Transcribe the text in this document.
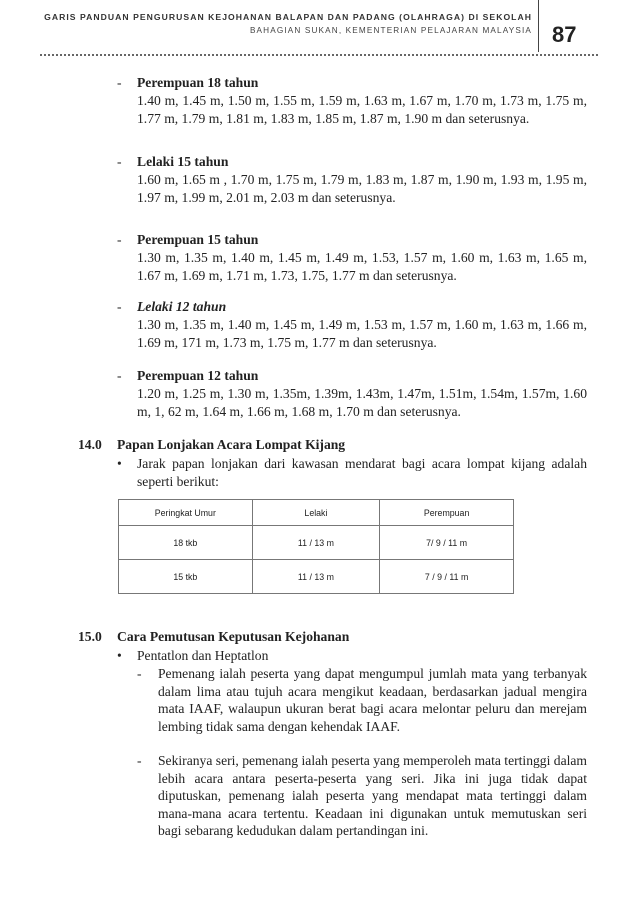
GARIS PANDUAN PENGURUSAN KEJOHANAN BALAPAN DAN PADANG (OLAHRAGA) DI SEKOLAH
BAHAGIAN SUKAN, KEMENTERIAN PELAJARAN MALAYSIA 87
- Perempuan 18 tahun
1.40 m, 1.45 m, 1.50 m, 1.55 m, 1.59 m, 1.63 m, 1.67 m, 1.70 m, 1.73 m, 1.75 m, 1.77 m, 1.79 m, 1.81 m, 1.83 m, 1.85 m, 1.87 m, 1.90 m dan seterusnya.
- Lelaki 15 tahun
1.60 m, 1.65 m , 1.70 m, 1.75 m, 1.79 m, 1.83 m, 1.87 m, 1.90 m, 1.93 m, 1.95 m, 1.97 m, 1.99 m, 2.01 m, 2.03 m dan seterusnya.
- Perempuan 15 tahun
1.30 m, 1.35 m, 1.40 m, 1.45 m, 1.49 m, 1.53, 1.57 m, 1.60 m, 1.63 m, 1.65 m, 1.67 m, 1.69 m, 1.71 m, 1.73, 1.75, 1.77 m dan seterusnya.
- Lelaki 12 tahun
1.30 m, 1.35 m, 1.40 m, 1.45 m, 1.49 m, 1.53 m, 1.57 m, 1.60 m, 1.63 m, 1.66 m, 1.69 m, 171 m, 1.73 m, 1.75 m, 1.77 m dan seterusnya.
- Perempuan 12 tahun
1.20 m, 1.25 m, 1.30 m, 1.35m, 1.39m, 1.43m, 1.47m, 1.51m, 1.54m, 1.57m, 1.60 m, 1, 62 m, 1.64 m, 1.66 m, 1.68 m, 1.70 m dan seterusnya.
14.0 Papan Lonjakan Acara Lompat Kijang
• Jarak papan lonjakan dari kawasan mendarat bagi acara lompat kijang adalah seperti berikut:
Peringkat Umur	Lelaki	Perempuan
18 tkb	11 / 13 m	7/ 9 / 11 m
15 tkb	11 / 13 m	7 / 9 / 11 m
15.0 Cara Pemutusan Keputusan Kejohanan
• Pentatlon dan Heptatlon
- Pemenang ialah peserta yang dapat mengumpul jumlah mata yang terbanyak dalam lima atau tujuh acara mengikut keadaan, berdasarkan jadual mengira mata IAAF, walaupun ukuran berat bagi acara melontar peluru dan merejam lembing tidak sama dengan kehendak IAAF.
- Sekiranya seri, pemenang ialah peserta yang memperoleh mata tertinggi dalam lebih acara antara peserta-peserta yang seri. Jika ini juga tidak dapat diputuskan, pemenang ialah peserta yang mendapat mata tertinggi dalam mana-mana acara tertentu. Keadaan ini digunakan untuk memutuskan seri bagi sebarang kedudukan dalam pertandingan ini.
